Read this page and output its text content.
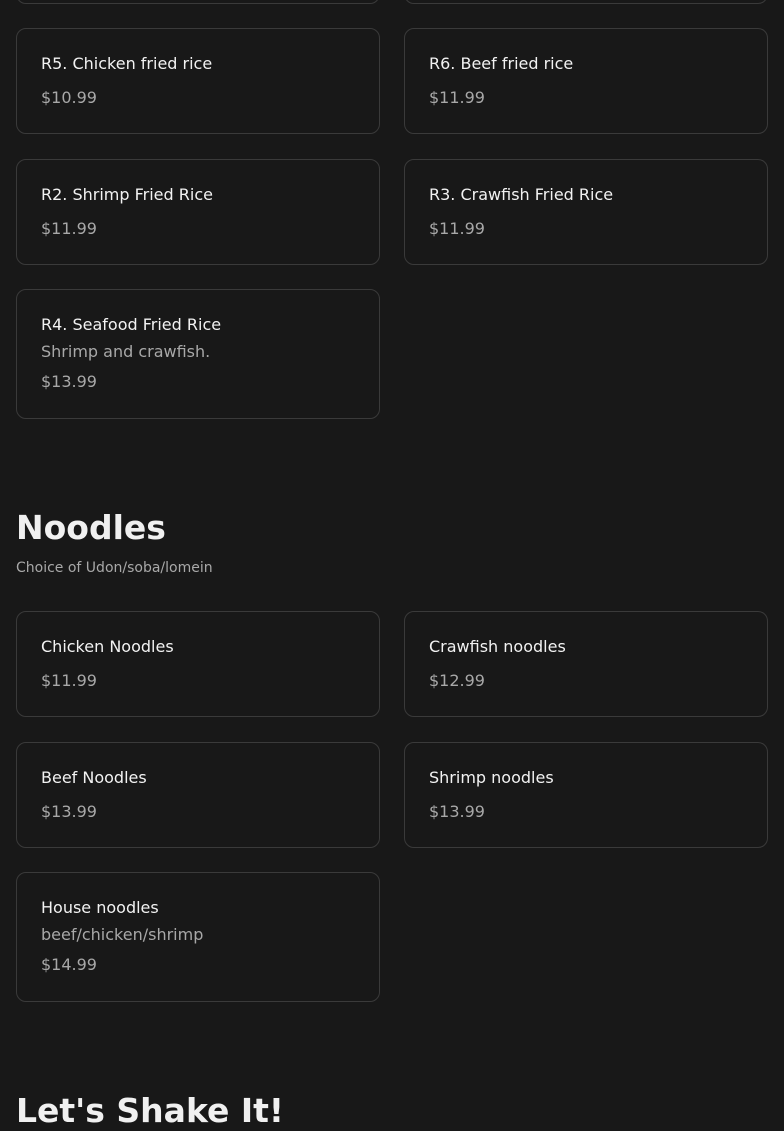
R5. Chicken fried rice
$10.99
R6. Beef fried rice
$11.99
R2. Shrimp Fried Rice
$11.99
R3. Crawfish Fried Rice
$11.99
R4. Seafood Fried Rice
Shrimp and crawfish.
$13.99
Noodles

Choice of Udon/soba/lomein

Chicken Noodles
$11.99
Crawfish noodles
$12.99
Beef Noodles
$13.99
Shrimp noodles
$13.99
House noodles
beef/chicken/shrimp
$14.99
Let's Shake It!
